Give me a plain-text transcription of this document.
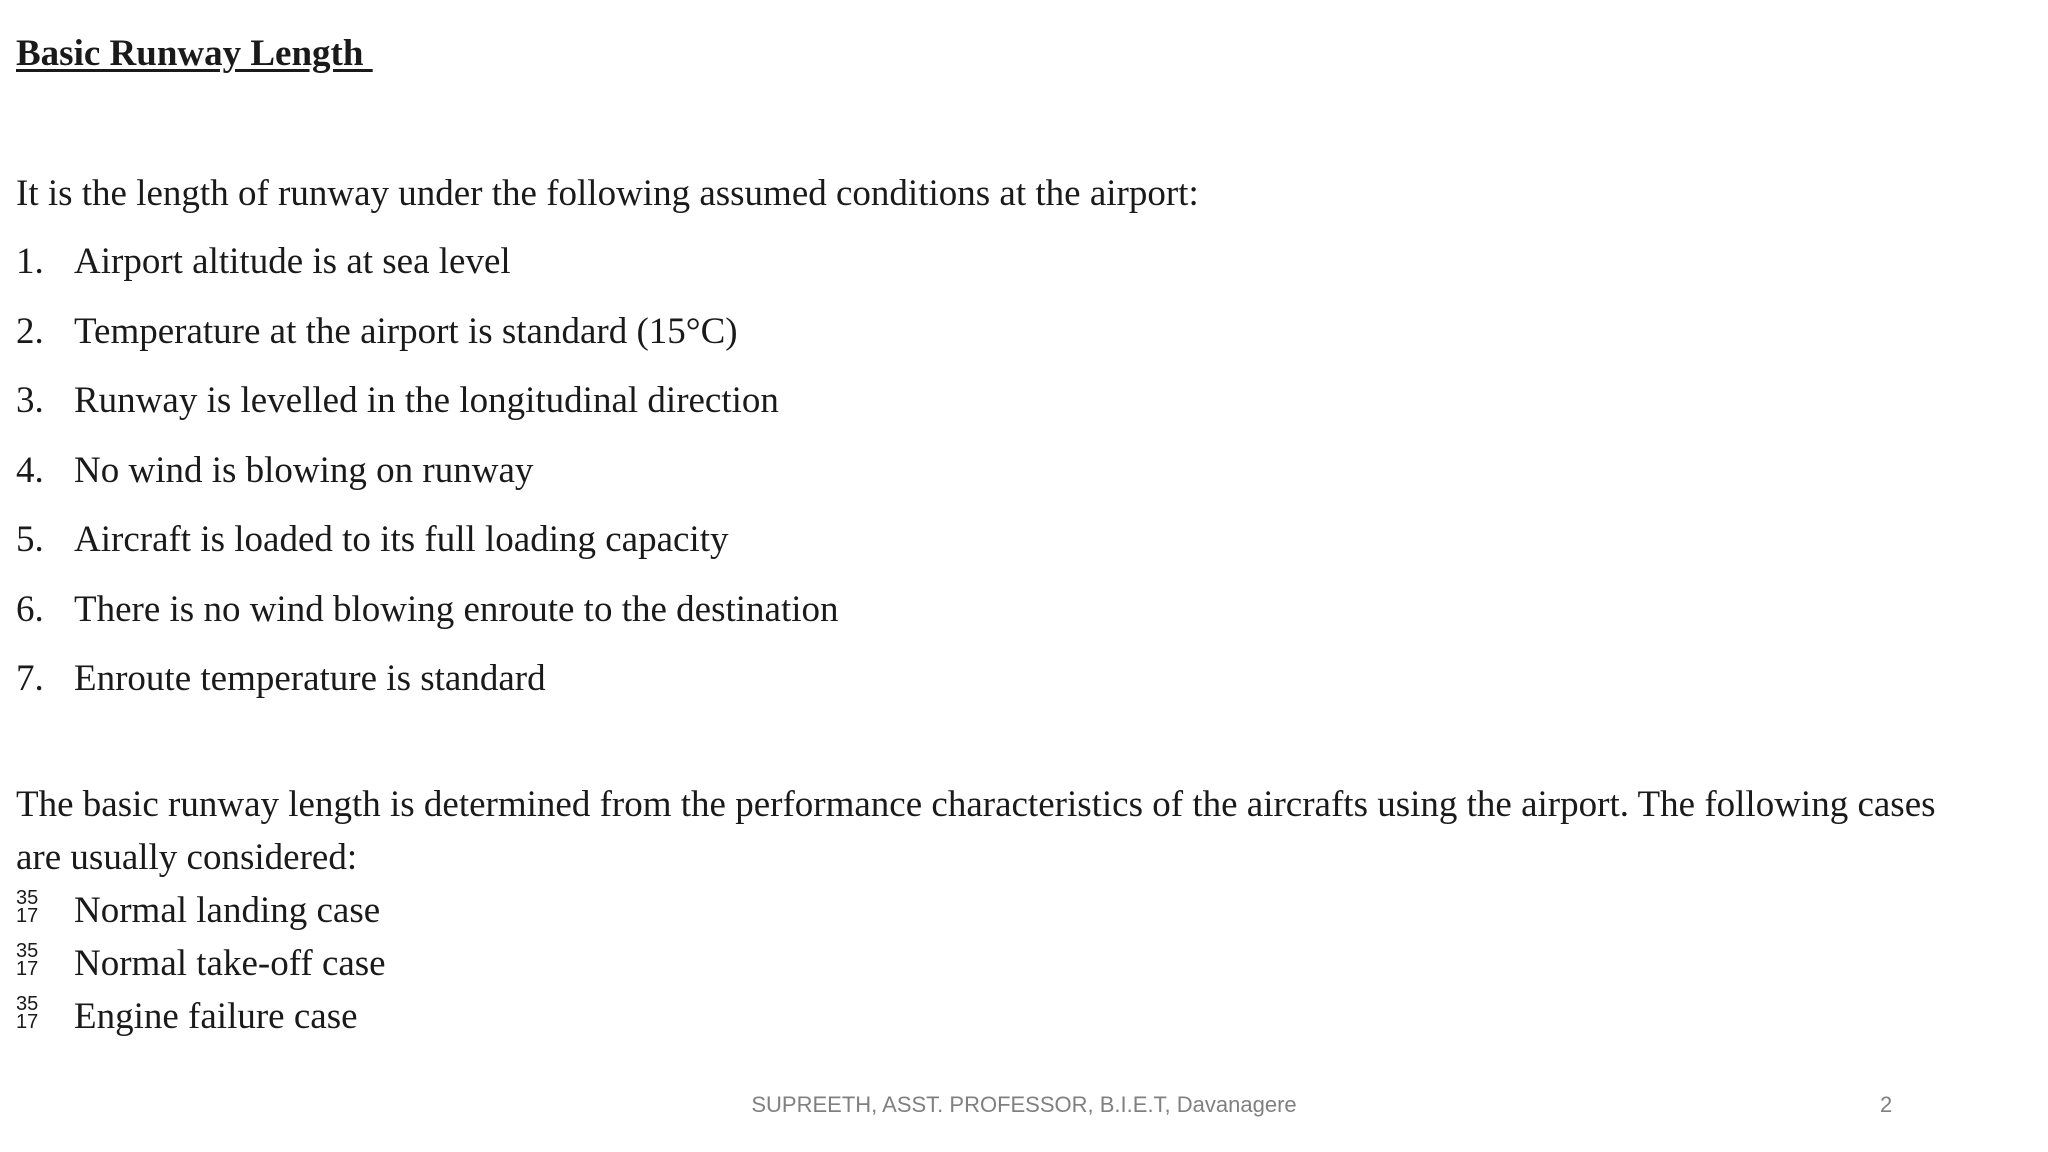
Basic Runway Length
It is the length of runway under the following assumed conditions at the airport:
1. Airport altitude is at sea level
2. Temperature at the airport is standard (15°C)
3. Runway is levelled in the longitudinal direction
4. No wind is blowing on runway
5. Aircraft is loaded to its full loading capacity
6. There is no wind blowing enroute to the destination
7. Enroute temperature is standard
The basic runway length is determined from the performance characteristics of the aircrafts using the airport. The following cases
are usually considered:
35
17 Normal landing case
35
17 Normal take-off case
35
17 Engine failure case
SUPREETH, ASST. PROFESSOR, B.I.E.T, Davanagere	2
